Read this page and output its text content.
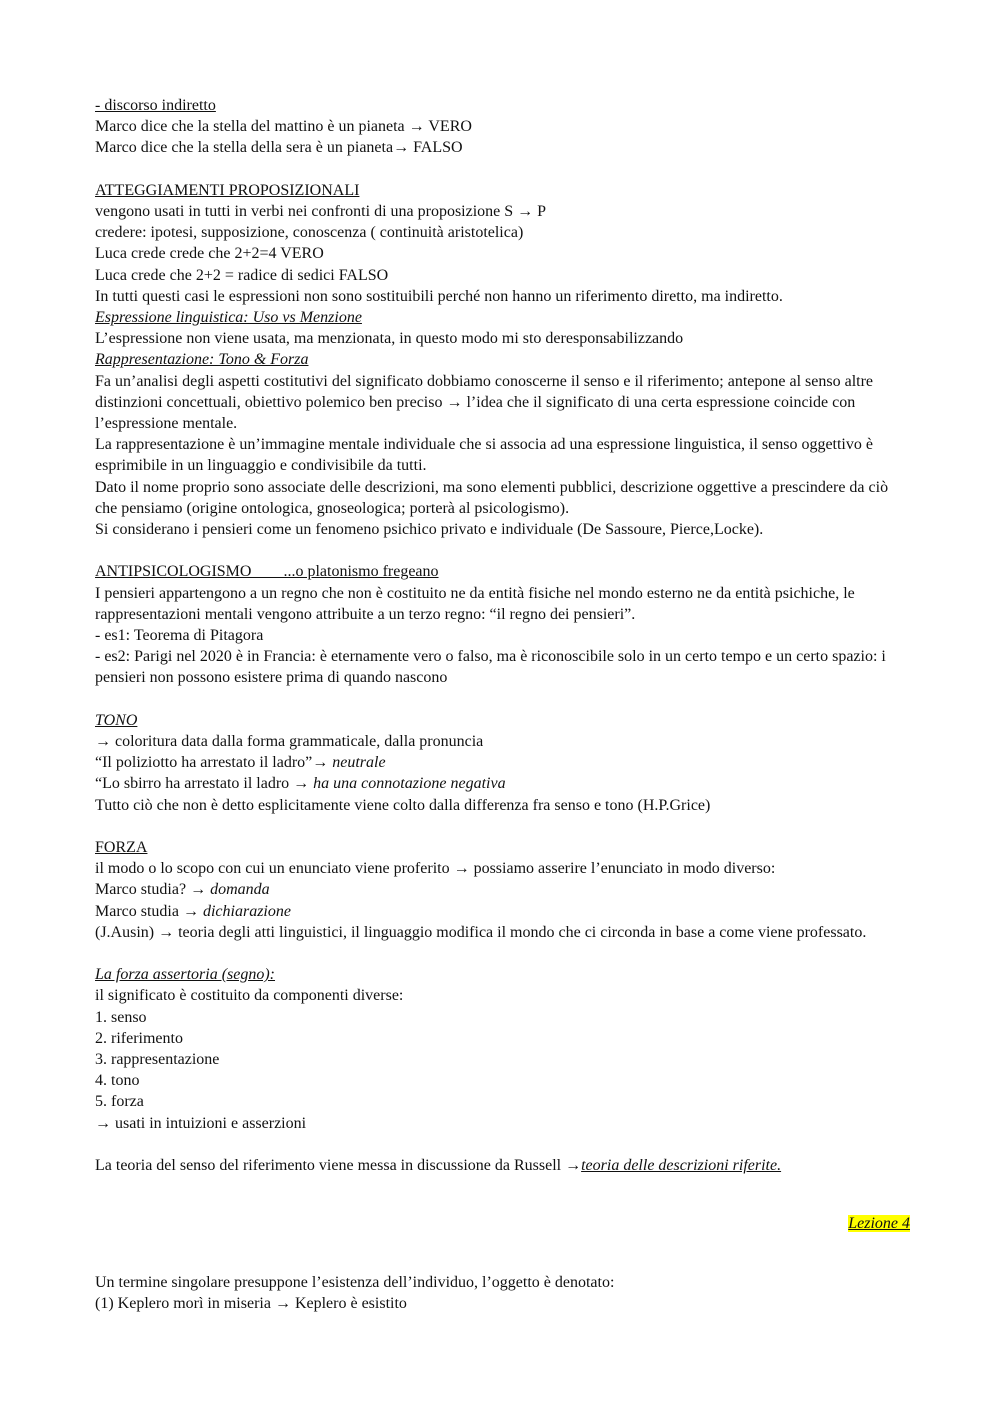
- discorso indiretto

Marco dice che la stella del mattino è un pianeta → VERO

Marco dice che la stella della sera è un pianeta→ FALSO

ATTEGGIAMENTI PROPOSIZIONALI

vengono usati in tutti in verbi nei confronti di una proposizione S → P

credere: ipotesi, supposizione, conoscenza ( continuità aristotelica)

Luca crede crede che 2+2=4 VERO

Luca crede che 2+2 = radice di sedici FALSO

In tutti questi casi le espressioni non sono sostituibili perché non hanno un riferimento diretto, ma indiretto.

Espressione linguistica: Uso vs Menzione

L’espressione non viene usata, ma menzionata, in questo modo mi sto deresponsabilizzando

Rappresentazione: Tono & Forza

Fa un’analisi degli aspetti costitutivi del significato dobbiamo conoscerne il senso e il riferimento; antepone al senso altre distinzioni concettuali, obiettivo polemico ben preciso → l’idea che il significato di una certa espressione coincide con l’espressione mentale.

La rappresentazione è un’immagine mentale individuale che si associa ad una espressione linguistica, il senso oggettivo è esprimibile in un linguaggio e condivisibile da tutti.

Dato il nome proprio sono associate delle descrizioni, ma sono elementi pubblici, descrizione oggettive a prescindere da ciò che pensiamo (origine ontologica, gnoseologica; porterà al psicologismo).

Si considerano i pensieri come un fenomeno psichico privato e individuale (De Sassoure, Pierce,Locke).

ANTIPSICOLOGISMO        ...o platonismo fregeano

I pensieri appartengono a un regno che non è costituito ne da entità fisiche nel mondo esterno ne da entità psichiche, le rappresentazioni mentali vengono attribuite a un terzo regno: “il regno dei pensieri”.

- es1: Teorema di Pitagora

- es2: Parigi nel 2020 è in Francia: è eternamente vero o falso, ma è riconoscibile solo in un certo tempo e un certo spazio: i pensieri non possono esistere prima di quando nascono

TONO

→ coloritura data dalla forma grammaticale, dalla pronuncia

“Il poliziotto ha arrestato il ladro”→ neutrale

“Lo sbirro ha arrestato il ladro → ha una connotazione negativa

Tutto ciò che non è detto esplicitamente viene colto dalla differenza fra senso e tono (H.P.Grice)

FORZA

il modo o lo scopo con cui un enunciato viene proferito → possiamo asserire l’enunciato in modo diverso:

Marco studia? → domanda

Marco studia → dichiarazione

(J.Ausin) → teoria degli atti linguistici, il linguaggio modifica il mondo che ci circonda in base a come viene professato.

La forza assertoria (segno):

il significato è costituito da componenti diverse:

1. senso

2. riferimento

3. rappresentazione

4. tono

5. forza

→ usati in intuizioni e asserzioni

La teoria del senso del riferimento viene messa in discussione da Russell →teoria delle descrizioni riferite.

Lezione 4

Un termine singolare presuppone l’esistenza dell’individuo, l’oggetto è denotato:

(1) Keplero morì in miseria → Keplero è esistito
